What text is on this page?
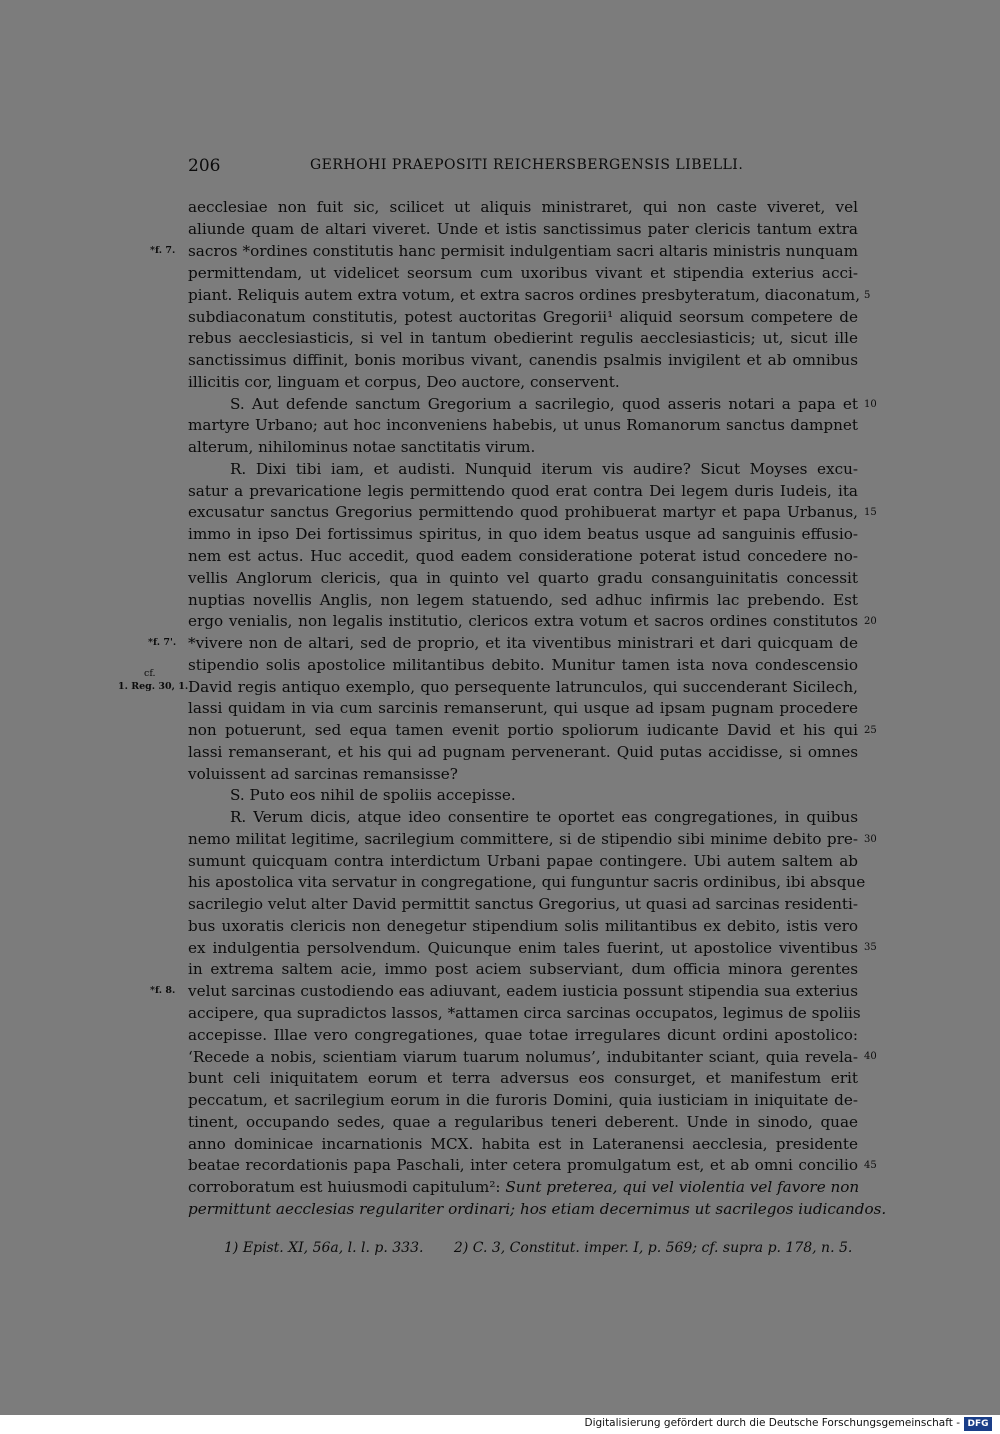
206	GERHOHI PRAEPOSITI REICHERSBERGENSIS LIBELLI.
aecclesiae non fuit sic, scilicet ut aliquis ministraret, qui non caste viveret, vel
aliunde quam de altari viveret. Unde et istis sanctissimus pater clericis tantum extra
sacros *ordines constitutis hanc permisit indulgentiam sacri altaris ministris nunquam
permittendam, ut videlicet seorsum cum uxoribus vivant et stipendia exterius acci-
piant. Reliquis autem extra votum, et extra sacros ordines presbyteratum, diaconatum,
subdiaconatum constitutis, potest auctoritas Gregorii¹ aliquid seorsum competere de
rebus aecclesiasticis, si vel in tantum obedierint regulis aecclesiasticis; ut, sicut ille
sanctissimus diffinit, bonis moribus vivant, canendis psalmis invigilent et ab omnibus
illicitis cor, linguam et corpus, Deo auctore, conservent.
S. Aut defende sanctum Gregorium a sacrilegio, quod asseris notari a papa et
martyre Urbano; aut hoc inconveniens habebis, ut unus Romanorum sanctus dampnet
alterum, nihilominus notae sanctitatis virum.
R. Dixi tibi iam, et audisti. Nunquid iterum vis audire? Sicut Moyses excu-
satur a prevaricatione legis permittendo quod erat contra Dei legem duris Iudeis, ita
excusatur sanctus Gregorius permittendo quod prohibuerat martyr et papa Urbanus,
immo in ipso Dei fortissimus spiritus, in quo idem beatus usque ad sanguinis effusio-
nem est actus. Huc accedit, quod eadem consideratione poterat istud concedere no-
vellis Anglorum clericis, qua in quinto vel quarto gradu consanguinitatis concessit
nuptias novellis Anglis, non legem statuendo, sed adhuc infirmis lac prebendo. Est
ergo venialis, non legalis institutio, clericos extra votum et sacros ordines constitutos
*vivere non de altari, sed de proprio, et ita viventibus ministrari et dari quicquam de
stipendio solis apostolice militantibus debito. Munitur tamen ista nova condescensio
David regis antiquo exemplo, quo persequente latrunculos, qui succenderant Sicilech,
lassi quidam in via cum sarcinis remanserunt, qui usque ad ipsam pugnam procedere
non potuerunt, sed equa tamen evenit portio spoliorum iudicante David et his qui
lassi remanserant, et his qui ad pugnam pervenerant. Quid putas accidisse, si omnes
voluissent ad sarcinas remansisse?
S. Puto eos nihil de spoliis accepisse.
R. Verum dicis, atque ideo consentire te oportet eas congregationes, in quibus
nemo militat legitime, sacrilegium committere, si de stipendio sibi minime debito pre-
sumunt quicquam contra interdictum Urbani papae contingere. Ubi autem saltem ab
his apostolica vita servatur in congregatione, qui funguntur sacris ordinibus, ibi absque
sacrilegio velut alter David permittit sanctus Gregorius, ut quasi ad sarcinas residenti-
bus uxoratis clericis non denegetur stipendium solis militantibus ex debito, istis vero
ex indulgentia persolvendum. Quicunque enim tales fuerint, ut apostolice viventibus
in extrema saltem acie, immo post aciem subserviant, dum officia minora gerentes
velut sarcinas custodiendo eas adiuvant, eadem iusticia possunt stipendia sua exterius
accipere, qua supradictos lassos, *attamen circa sarcinas occupatos, legimus de spoliis
accepisse. Illae vero congregationes, quae totae irregulares dicunt ordini apostolico:
‘Recede a nobis, scientiam viarum tuarum nolumus’, indubitanter sciant, quia revela-
bunt celi iniquitatem eorum et terra adversus eos consurget, et manifestum erit
peccatum, et sacrilegium eorum in die furoris Domini, quia iusticiam in iniquitate de-
tinent, occupando sedes, quae a regularibus teneri deberent. Unde in sinodo, quae
anno dominicae incarnationis MCX. habita est in Lateranensi aecclesia, presidente
beatae recordationis papa Paschali, inter cetera promulgatum est, et ab omni concilio
corroboratum est huiusmodi capitulum²: Sunt preterea, qui vel violentia vel favore non
permittunt aecclesias regulariter ordinari; hos etiam decernimus ut sacrilegos iudicandos.
5
10
15
20
25
30
35
40
45
*f. 7.
*f. 7'.
cf.
1. Reg. 30, 1.
*f. 8.
1) Epist. XI, 56a, l. l. p. 333. 2) C. 3, Constitut. imper. I, p. 569; cf. supra p. 178, n. 5.
Digitalisierung gefördert durch die Deutsche Forschungsgemeinschaft - DFG
